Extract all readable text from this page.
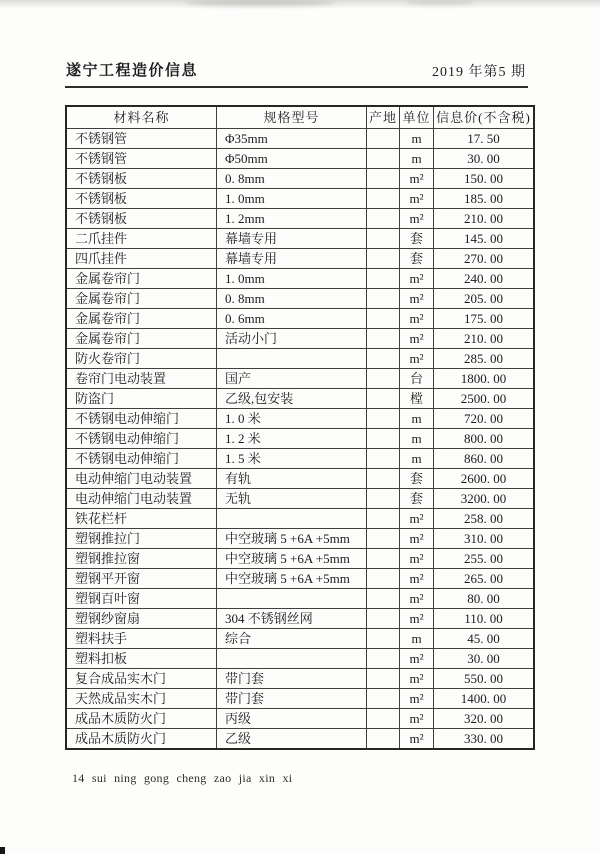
遂宁工程造价信息	2019 年第5 期
材料名称	规格型号	产地	单位	信息价(不含税)
不锈钢管	Φ35mm		m	17. 50
不锈钢管	Φ50mm		m	30. 00
不锈钢板	0. 8mm		m²	150. 00
不锈钢板	1. 0mm		m²	185. 00
不锈钢板	1. 2mm		m²	210. 00
二爪挂件	幕墙专用		套	145. 00
四爪挂件	幕墙专用		套	270. 00
金属卷帘门	1. 0mm		m²	240. 00
金属卷帘门	0. 8mm		m²	205. 00
金属卷帘门	0. 6mm		m²	175. 00
金属卷帘门	活动小门		m²	210. 00
防火卷帘门			m²	285. 00
卷帘门电动装置	国产		台	1800. 00
防盗门	乙级,包安装		樘	2500. 00
不锈钢电动伸缩门	1. 0 米		m	720. 00
不锈钢电动伸缩门	1. 2 米		m	800. 00
不锈钢电动伸缩门	1. 5 米		m	860. 00
电动伸缩门电动装置	有轨		套	2600. 00
电动伸缩门电动装置	无轨		套	3200. 00
铁花栏杆			m²	258. 00
塑钢推拉门	中空玻璃 5 +6A +5mm		m²	310. 00
塑钢推拉窗	中空玻璃 5 +6A +5mm		m²	255. 00
塑钢平开窗	中空玻璃 5 +6A +5mm		m²	265. 00
塑钢百叶窗			m²	80. 00
塑钢纱窗扇	304 不锈钢丝网		m²	110. 00
塑料扶手	综合		m	45. 00
塑料扣板			m²	30. 00
复合成品实木门	带门套		m²	550. 00
天然成品实木门	带门套		m²	1400. 00
成品木质防火门	丙级		m²	320. 00
成品木质防火门	乙级		m²	330. 00
14 sui ning gong cheng zao jia xin xi
